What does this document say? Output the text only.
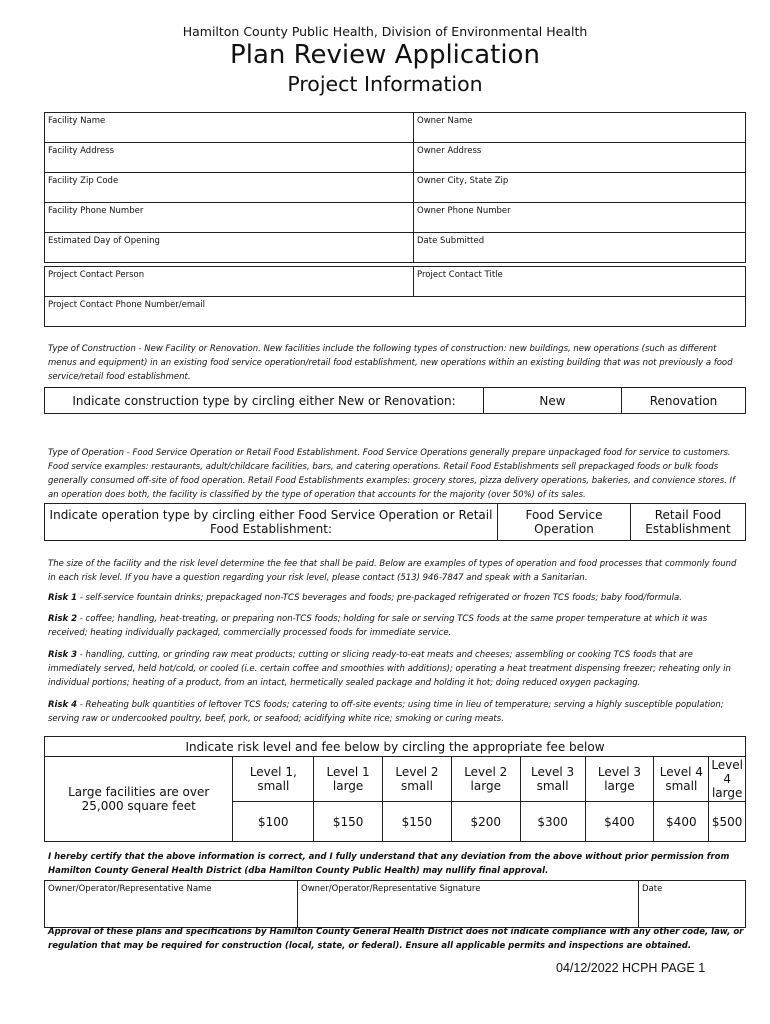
Hamilton County Public Health, Division of Environmental Health
Plan Review Application
Project Information
Facility Name	Owner Name
Facility Address	Owner Address
Facility Zip Code	Owner City, State Zip
Facility Phone Number	Owner Phone Number
Estimated Day of Opening	Date Submitted
Project Contact Person	Project Contact Title
Project Contact Phone Number/email

Type of Construction - New Facility or Renovation. New facilities include the following types of construction: new buildings, new operations (such as different menus and equipment) in an existing food service operation/retail food establishment, new operations within an existing building that was not previously a food service/retail food establishment.

Indicate construction type by circling either New or Renovation:	New	Renovation

Type of Operation - Food Service Operation or Retail Food Establishment. Food Service Operations generally prepare unpackaged food for service to customers. Food service examples: restaurants, adult/childcare facilities, bars, and catering operations. Retail Food Establishments sell prepackaged foods or bulk foods generally consumed off-site of food operation. Retail Food Establishments examples: grocery stores, pizza delivery operations, bakeries, and convience stores. If an operation does both, the facility is classified by the type of operation that accounts for the majority (over 50%) of its sales.

Indicate operation type by circling either Food Service Operation or Retail Food Establishment:	Food Service Operation	Retail Food Establishment

The size of the facility and the risk level determine the fee that shall be paid. Below are examples of types of operation and food processes that commonly found in each risk level. If you have a question regarding your risk level, please contact (513) 946-7847 and speak with a Sanitarian.

Risk 1 - self-service fountain drinks; prepackaged non-TCS beverages and foods; pre-packaged refrigerated or frozen TCS foods; baby food/formula.

Risk 2 - coffee; handling, heat-treating, or preparing non-TCS foods; holding for sale or serving TCS foods at the same proper temperature at which it was received; heating individually packaged, commercially processed foods for immediate service.

Risk 3 - handling, cutting, or grinding raw meat products; cutting or slicing ready-to-eat meats and cheeses; assembling or cooking TCS foods that are immediately served, held hot/cold, or cooled (i.e. certain coffee and smoothies with additions); operating a heat treatment dispensing freezer; reheating only in individual portions; heating of a product, from an intact, hermetically sealed package and holding it hot; doing reduced oxygen packaging.

Risk 4 - Reheating bulk quantities of leftover TCS foods; catering to off-site events; using time in lieu of temperature; serving a highly susceptible population; serving raw or undercooked poultry, beef, pork, or seafood; acidifying white rice; smoking or curing meats.

Indicate risk level and fee below by circling the appropriate fee below								
Large facilities are over 25,000 square feet	Level 1, small	Level 1 large	Level 2 small	Level 2 large	Level 3 small	Level 3 large	Level 4 small	Level 4 large
	$100	$150	$150	$200	$300	$400	$400	$500

I hereby certify that the above information is correct, and I fully understand that any deviation from the above without prior permission from Hamilton County General Health District (dba Hamilton County Public Health) may nullify final approval.

Owner/Operator/Representative Name	Owner/Operator/Representative Signature	Date

Approval of these plans and specifications by Hamilton County General Health District does not indicate compliance with any other code, law, or regulation that may be required for construction (local, state, or federal). Ensure all applicable permits and inspections are obtained.

04/12/2022 HCPH PAGE 1
